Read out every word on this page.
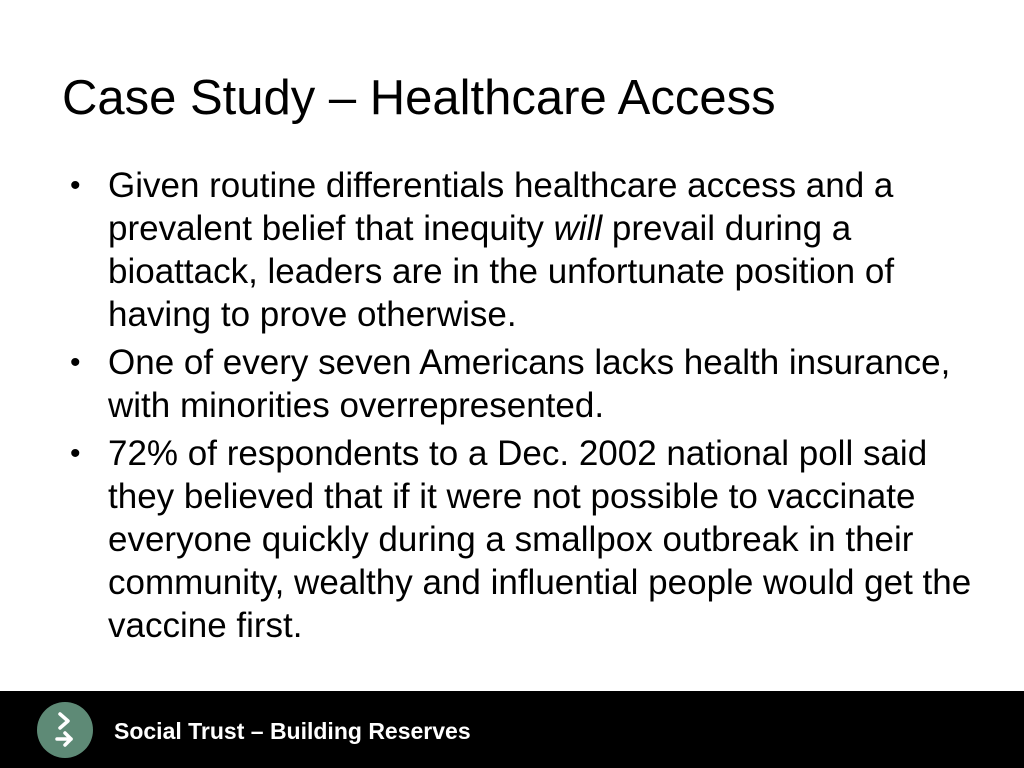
Case Study – Healthcare Access
• Given routine differentials healthcare access and a prevalent belief that inequity will prevail during a bioattack, leaders are in the unfortunate position of having to prove otherwise.
• One of every seven Americans lacks health insurance, with minorities overrepresented.
• 72% of respondents to a Dec. 2002 national poll said they believed that if it were not possible to vaccinate everyone quickly during a smallpox outbreak in their community, wealthy and influential people would get the vaccine first.
Social Trust – Building Reserves
